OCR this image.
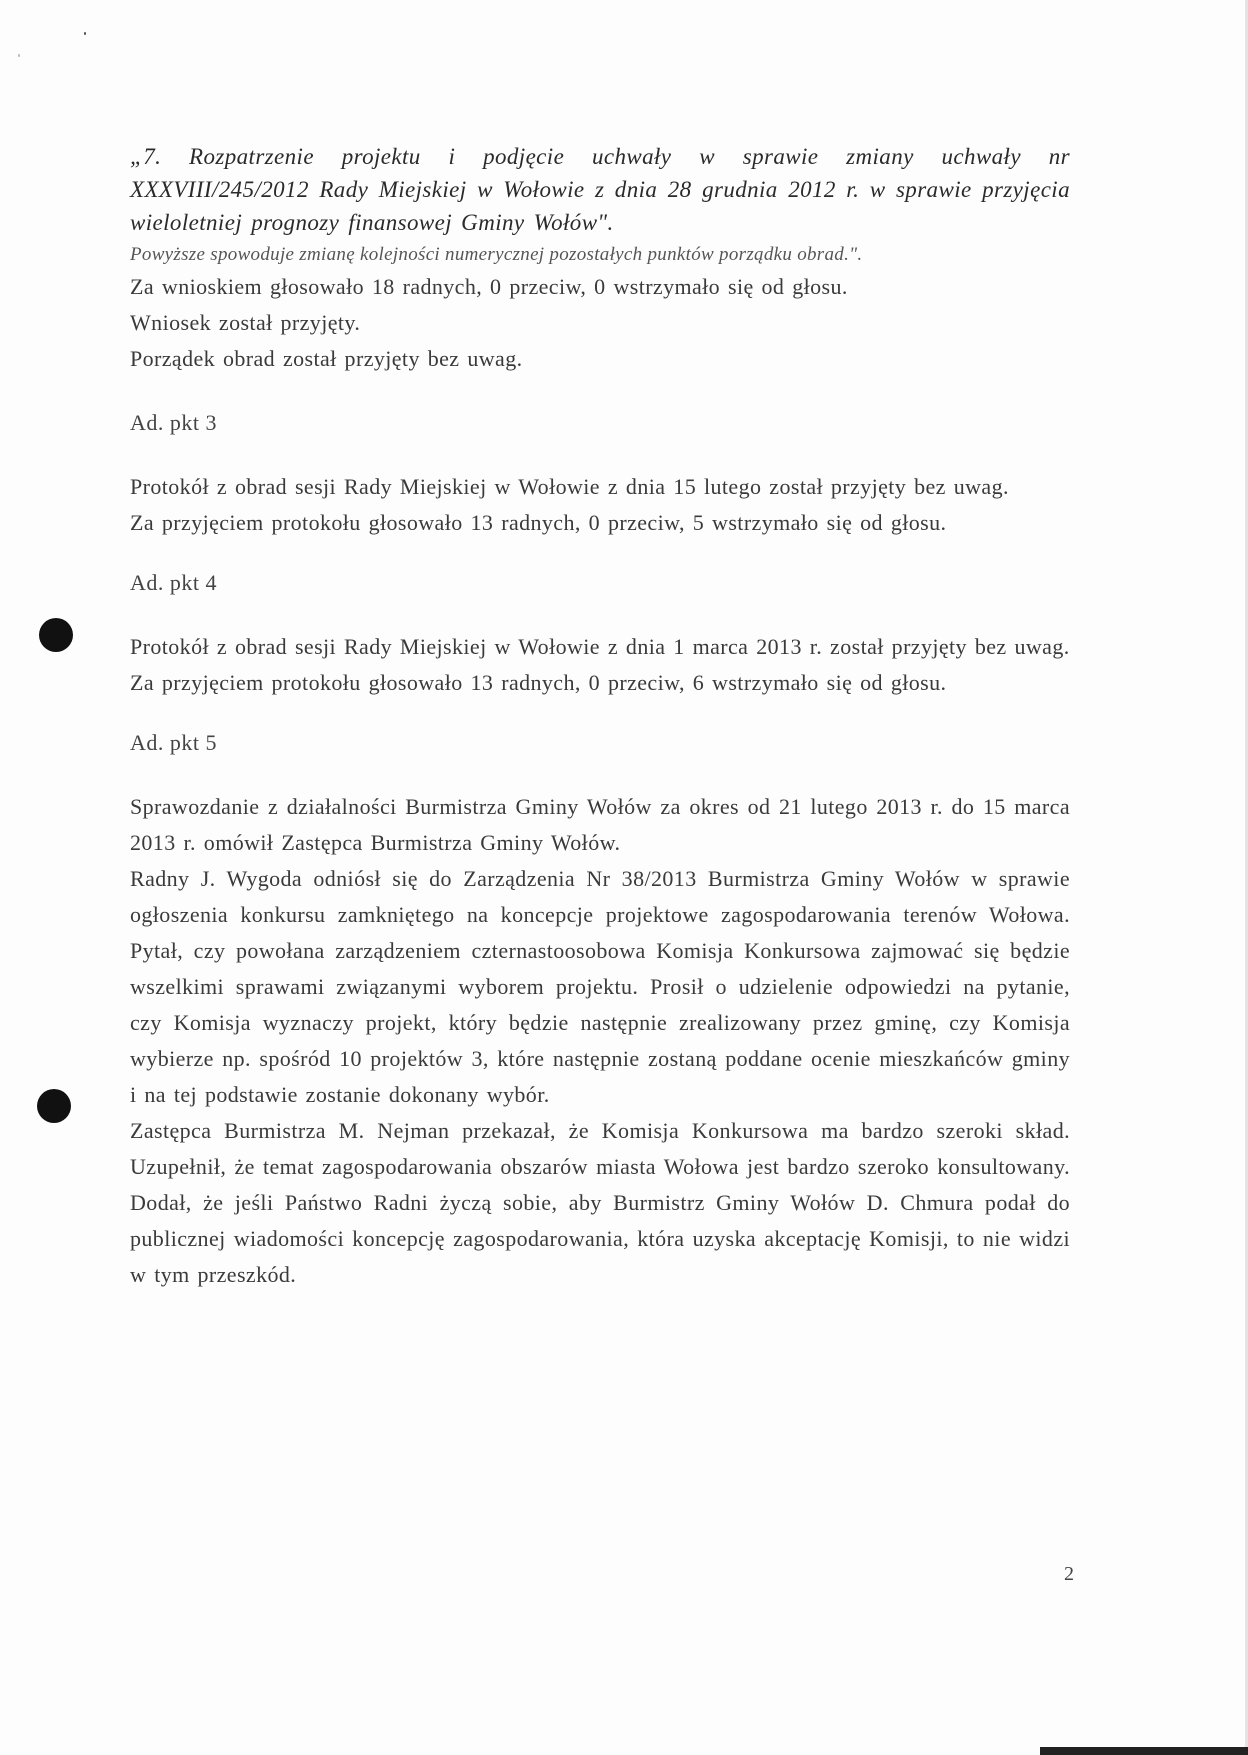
„7. Rozpatrzenie projektu i podjęcie uchwały w sprawie zmiany uchwały nr XXXVIII/245/2012 Rady Miejskiej w Wołowie z dnia 28 grudnia 2012 r. w sprawie przyjęcia wieloletniej prognozy finansowej Gminy Wołów".

Powyższe spowoduje zmianę kolejności numerycznej pozostałych punktów porządku obrad.".

Za wnioskiem głosowało 18 radnych, 0 przeciw, 0 wstrzymało się od głosu.

Wniosek został przyjęty.

Porządek obrad został przyjęty bez uwag.

Ad. pkt 3

Protokół z obrad sesji Rady Miejskiej w Wołowie z dnia 15 lutego został przyjęty bez uwag.

Za przyjęciem protokołu głosowało 13 radnych, 0 przeciw, 5 wstrzymało się od głosu.

Ad. pkt 4

Protokół z obrad sesji Rady Miejskiej w Wołowie z dnia 1 marca 2013 r. został przyjęty bez uwag.

Za przyjęciem protokołu głosowało 13 radnych, 0 przeciw, 6 wstrzymało się od głosu.

Ad. pkt 5

Sprawozdanie z działalności Burmistrza Gminy Wołów za okres od 21 lutego 2013 r. do 15 marca 2013 r. omówił Zastępca Burmistrza Gminy Wołów.

Radny J. Wygoda odniósł się do Zarządzenia Nr 38/2013 Burmistrza Gminy Wołów w sprawie ogłoszenia konkursu zamkniętego na koncepcje projektowe zagospodarowania terenów Wołowa. Pytał, czy powołana zarządzeniem czternastoosobowa Komisja Konkursowa zajmować się będzie wszelkimi sprawami związanymi wyborem projektu. Prosił o udzielenie odpowiedzi na pytanie, czy Komisja wyznaczy projekt, który będzie następnie zrealizowany przez gminę, czy Komisja wybierze np. spośród 10 projektów 3, które następnie zostaną poddane ocenie mieszkańców gminy i na tej podstawie zostanie dokonany wybór.

Zastępca Burmistrza M. Nejman przekazał, że Komisja Konkursowa ma bardzo szeroki skład. Uzupełnił, że temat zagospodarowania obszarów miasta Wołowa jest bardzo szeroko konsultowany. Dodał, że jeśli Państwo Radni życzą sobie, aby Burmistrz Gminy Wołów D. Chmura podał do publicznej wiadomości koncepcję zagospodarowania, która uzyska akceptację Komisji, to nie widzi w tym przeszkód.

2
